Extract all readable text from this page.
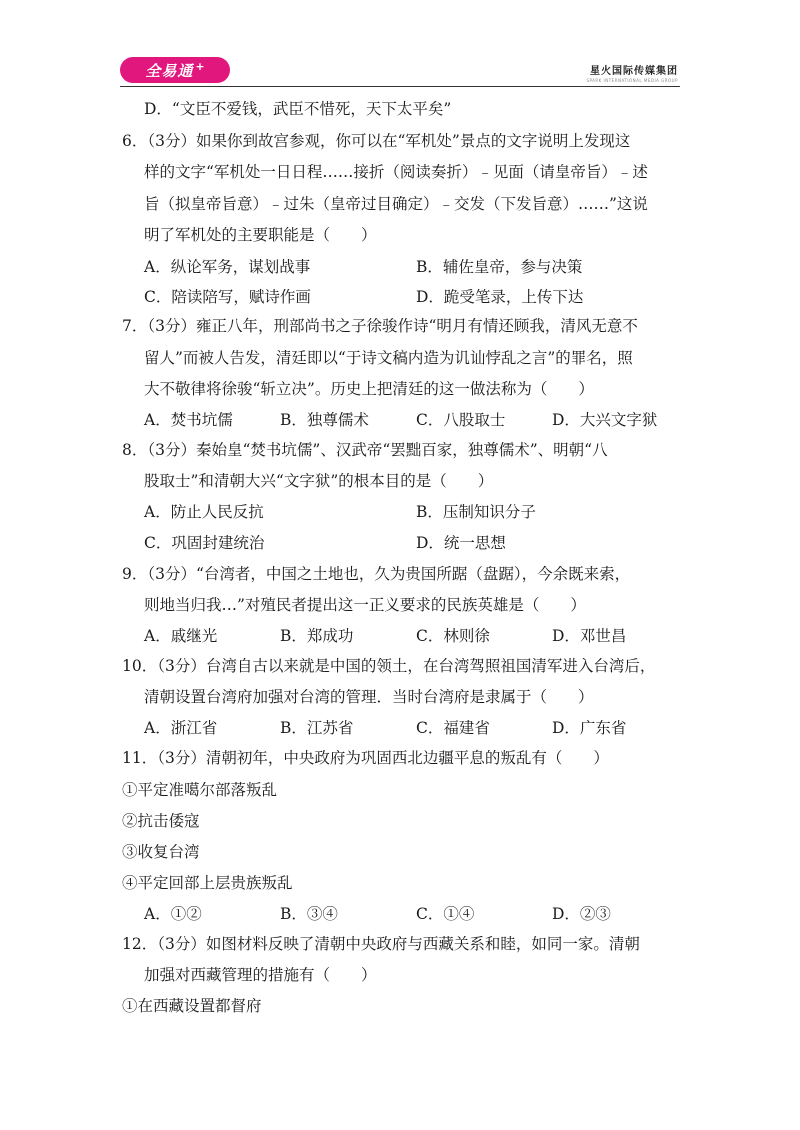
全易通 +	星火国际传媒集团
SPARK INTERNATIONAL MEDIA GROUP
D．“文臣不爱钱，武臣不惜死，天下太平矣”
6．（3分）如果你到故宫参观，你可以在“军机处”景点的文字说明上发现这
样的文字“军机处一日日程……接折（阅读奏折）﹣见面（请皇帝旨）﹣述
旨（拟皇帝旨意）﹣过朱（皇帝过目确定）﹣交发（下发旨意）……”这说
明了军机处的主要职能是（　　）
7．（3分）雍正八年，刑部尚书之子徐骏作诗“明月有情还顾我，清风无意不
留人”而被人告发，清廷即以“于诗文稿内造为讥讪悖乱之言”的罪名，照
大不敬律将徐骏“斩立决”。历史上把清廷的这一做法称为（　　）
8．（3分）秦始皇“焚书坑儒”、汉武帝“罢黜百家，独尊儒术”、明朝“八
股取士”和清朝大兴“文字狱”的根本目的是（　　）
9．（3分）“台湾者，中国之土地也，久为贵国所踞（盘踞），今余既来索，
则地当归我…”对殖民者提出这一正义要求的民族英雄是（　　）
10．（3分）台湾自古以来就是中国的领土，在台湾驾照祖国清军进入台湾后，
清朝设置台湾府加强对台湾的管理．当时台湾府是隶属于（　　）
11．（3分）清朝初年，中央政府为巩固西北边疆平息的叛乱有（　　）
①平定准噶尔部落叛乱
②抗击倭寇
③收复台湾
④平定回部上层贵族叛乱
12．（3分）如图材料反映了清朝中央政府与西藏关系和睦，如同一家。清朝
加强对西藏管理的措施有（　　）
①在西藏设置都督府
A．纵论军务，谋划战事	B．辅佐皇帝，参与决策
C．陪读陪写，赋诗作画	D．跪受笔录，上传下达
A．焚书坑儒	B．独尊儒术	C．八股取士	D．大兴文字狱
A．防止人民反抗	B．压制知识分子
C．巩固封建统治	D．统一思想
A．戚继光	B．郑成功	C．林则徐	D．邓世昌
A．浙江省	B．江苏省	C．福建省	D．广东省
A．①②	B．③④	C．①④	D．②③
